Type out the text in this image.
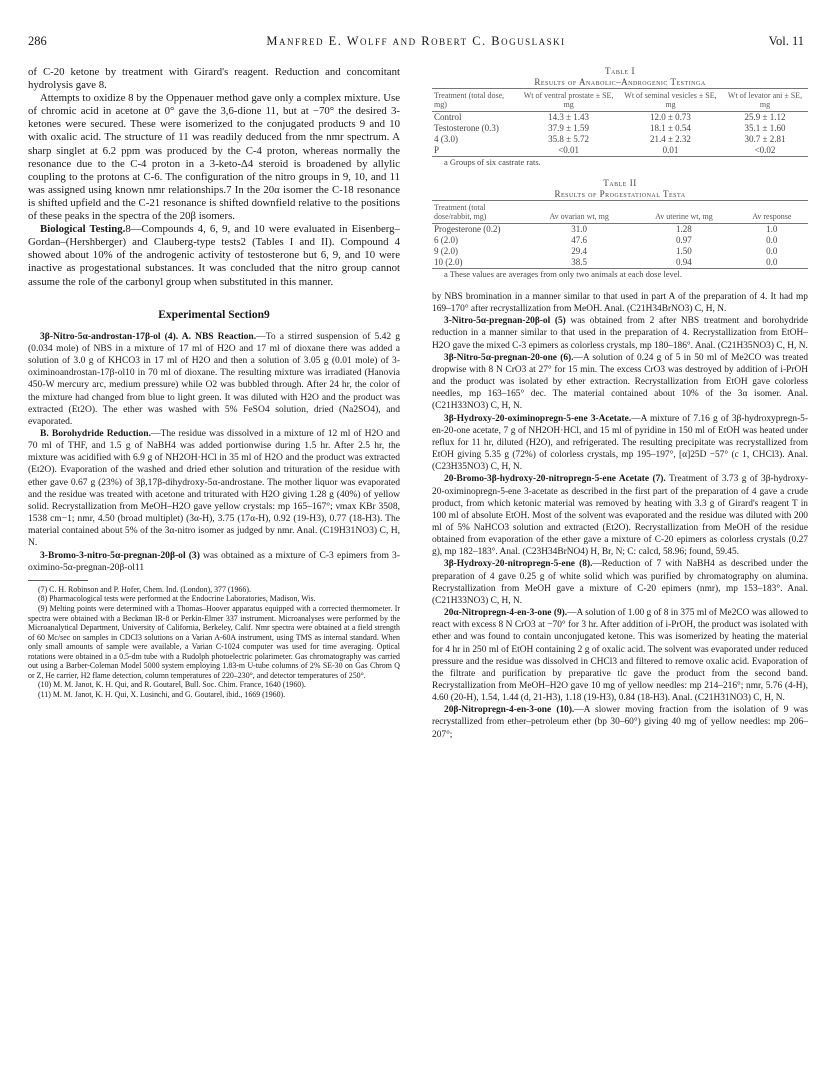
286	Manfred E. Wolff and Robert C. Boguslaski	Vol. 11

of C-20 ketone by treatment with Girard's reagent. Reduction and concomitant hydrolysis gave 8.

Attempts to oxidize 8 by the Oppenauer method gave only a complex mixture. Use of chromic acid in acetone at 0° gave the 3,6-dione 11, but at −70° the desired 3-ketones were secured. These were isomerized to the conjugated products 9 and 10 with oxalic acid. The structure of 11 was readily deduced from the nmr spectrum. A sharp singlet at 6.2 ppm was produced by the C-4 proton, whereas normally the resonance due to the C-4 proton in a 3-keto-Δ4 steroid is broadened by allylic coupling to the protons at C-6. The configuration of the nitro groups in 9, 10, and 11 was assigned using known nmr relationships.7 In the 20α isomer the C-18 resonance is shifted upfield and the C-21 resonance is shifted downfield relative to the positions of these peaks in the spectra of the 20β isomers.

Biological Testing.8—Compounds 4, 6, 9, and 10 were evaluated in Eisenberg–Gordan–(Hershberger) and Clauberg-type tests2 (Tables I and II). Compound 4 showed about 10% of the androgenic activity of testosterone but 6, 9, and 10 were inactive as progestational substances. It was concluded that the nitro group cannot assume the role of the carbonyl group when substituted in this manner.

Experimental Section9

3β-Nitro-5α-androstan-17β-ol (4). A. NBS Reaction.—To a stirred suspension of 5.42 g (0.034 mole) of NBS in a mixture of 17 ml of H2O and 17 ml of dioxane there was added a solution of 3.0 g of KHCO3 in 17 ml of H2O and then a solution of 3.05 g (0.01 mole) of 3-oximinoandrostan-17β-ol10 in 70 ml of dioxane. The resulting mixture was irradiated (Hanovia 450-W mercury arc, medium pressure) while O2 was bubbled through. After 24 hr, the color of the mixture had changed from blue to light green. It was diluted with H2O and the product was extracted (Et2O). The ether was washed with 5% FeSO4 solution, dried (Na2SO4), and evaporated.

B. Borohydride Reduction.—The residue was dissolved in a mixture of 12 ml of H2O and 70 ml of THF, and 1.5 g of NaBH4 was added portionwise during 1.5 hr. After 2.5 hr, the mixture was acidified with 6.9 g of NH2OH·HCl in 35 ml of H2O and the product was extracted (Et2O). Evaporation of the washed and dried ether solution and trituration of the residue with ether gave 0.67 g (23%) of 3β,17β-dihydroxy-5α-androstane. The mother liquor was evaporated and the residue was treated with acetone and triturated with H2O giving 1.28 g (40%) of yellow solid. Recrystallization from MeOH–H2O gave yellow crystals: mp 165–167°; νmax KBr 3508, 1538 cm−1; nmr, 4.50 (broad multiplet) (3α-H), 3.75 (17α-H), 0.92 (19-H3), 0.77 (18-H3). The material contained about 5% of the 3α-nitro isomer as judged by nmr. Anal. (C19H31NO3) C, H, N.

3-Bromo-3-nitro-5α-pregnan-20β-ol (3) was obtained as a mixture of C-3 epimers from 3-oximino-5α-pregnan-20β-ol11

(7) C. H. Robinson and P. Hofer, Chem. Ind. (London), 377 (1966).

(8) Pharmacological tests were performed at the Endocrine Laboratories, Madison, Wis.

(9) Melting points were determined with a Thomas–Hoover apparatus equipped with a corrected thermometer. Ir spectra were obtained with a Beckman IR-8 or Perkin-Elmer 337 instrument. Microanalyses were performed by the Microanalytical Department, University of California, Berkeley, Calif. Nmr spectra were obtained at a field strength of 60 Mc/sec on samples in CDCl3 solutions on a Varian A-60A instrument, using TMS as internal standard. When only small amounts of sample were available, a Varian C-1024 computer was used for time averaging. Optical rotations were obtained in a 0.5-dm tube with a Rudolph photoelectric polarimeter. Gas chromatography was carried out using a Barber-Coleman Model 5000 system employing 1.83-m U-tube columns of 2% SE-30 on Gas Chrom Q or Z, He carrier, H2 flame detection, column temperatures of 220–230°, and detector temperatures of 250°.

(10) M. M. Janot, K. H. Qui, and R. Goutarel, Bull. Soc. Chim. France, 1640 (1960).

(11) M. M. Janot, K. H. Qui, X. Lusinchi, and G. Goutarel, ibid., 1669 (1960).

Table I
Results of Anabolic–Androgenic Testinga
Treatment (total dose, mg)	Wt of ventral prostate ± SE, mg	Wt of seminal vesicles ± SE, mg	Wt of levator ani ± SE, mg
Control	14.3 ± 1.43	12.0 ± 0.73	25.9 ± 1.12
Testosterone (0.3)	37.9 ± 1.59	18.1 ± 0.54	35.1 ± 1.60
4 (3.0)	35.8 ± 5.72	21.4 ± 2.32	30.7 ± 2.81
P	<0.01	0.01	<0.02

a Groups of six castrate rats.

Table II
Results of Progestational Testa
Treatment (total dose/rabbit, mg)	Av ovarian wt, mg	Av uterine wt, mg	Av response
Progesterone (0.2)	31.0	1.28	1.0
6 (2.0)	47.6	0.97	0.0
9 (2.0)	29.4	1.50	0.0
10 (2.0)	38.5	0.94	0.0

a These values are averages from only two animals at each dose level.

by NBS bromination in a manner similar to that used in part A of the preparation of 4. It had mp 169–170° after recrystallization from MeOH. Anal. (C21H34BrNO3) C, H, N.

3-Nitro-5α-pregnan-20β-ol (5) was obtained from 2 after NBS treatment and borohydride reduction in a manner similar to that used in the preparation of 4. Recrystallization from EtOH–H2O gave the mixed C-3 epimers as colorless crystals, mp 180–186°. Anal. (C21H35NO3) C, H, N.

3β-Nitro-5α-pregnan-20-one (6).—A solution of 0.24 g of 5 in 50 ml of Me2CO was treated dropwise with 8 N CrO3 at 27° for 15 min. The excess CrO3 was destroyed by addition of i-PrOH and the product was isolated by ether extraction. Recrystallization from EtOH gave colorless needles, mp 163–165° dec. The material contained about 10% of the 3α isomer. Anal. (C21H33NO3) C, H, N.

3β-Hydroxy-20-oximinopregn-5-ene 3-Acetate.—A mixture of 7.16 g of 3β-hydroxypregn-5-en-20-one acetate, 7 g of NH2OH·HCl, and 15 ml of pyridine in 150 ml of EtOH was heated under reflux for 11 hr, diluted (H2O), and refrigerated. The resulting precipitate was recrystallized from EtOH giving 5.35 g (72%) of colorless crystals, mp 195–197°, [α]25D −57° (c 1, CHCl3). Anal. (C23H35NO3) C, H, N.

20-Bromo-3β-hydroxy-20-nitropregn-5-ene Acetate (7). Treatment of 3.73 g of 3β-hydroxy-20-oximinopregn-5-ene 3-acetate as described in the first part of the preparation of 4 gave a crude product, from which ketonic material was removed by heating with 3.3 g of Girard's reagent T in 100 ml of absolute EtOH. Most of the solvent was evaporated and the residue was diluted with 200 ml of 5% NaHCO3 solution and extracted (Et2O). Recrystallization from MeOH of the residue obtained from evaporation of the ether gave a mixture of C-20 epimers as colorless crystals (0.27 g), mp 182–183°. Anal. (C23H34BrNO4) H, Br, N; C: calcd, 58.96; found, 59.45.

3β-Hydroxy-20-nitropregn-5-ene (8).—Reduction of 7 with NaBH4 as described under the preparation of 4 gave 0.25 g of white solid which was purified by chromatography on alumina. Recrystallization from MeOH gave a mixture of C-20 epimers (nmr), mp 153–183°. Anal. (C21H33NO3) C, H, N.

20α-Nitropregn-4-en-3-one (9).—A solution of 1.00 g of 8 in 375 ml of Me2CO was allowed to react with excess 8 N CrO3 at −70° for 3 hr. After addition of i-PrOH, the product was isolated with ether and was found to contain unconjugated ketone. This was isomerized by heating the material for 4 hr in 250 ml of EtOH containing 2 g of oxalic acid. The solvent was evaporated under reduced pressure and the residue was dissolved in CHCl3 and filtered to remove oxalic acid. Evaporation of the filtrate and purification by preparative tlc gave the product from the second band. Recrystallization from MeOH–H2O gave 10 mg of yellow needles: mp 214–216°; nmr, 5.76 (4-H), 4.60 (20-H), 1.54, 1.44 (d, 21-H3), 1.18 (19-H3), 0.84 (18-H3). Anal. (C21H31NO3) C, H, N.

20β-Nitropregn-4-en-3-one (10).—A slower moving fraction from the isolation of 9 was recrystallized from ether–petroleum ether (bp 30–60°) giving 40 mg of yellow needles: mp 206–207°;
